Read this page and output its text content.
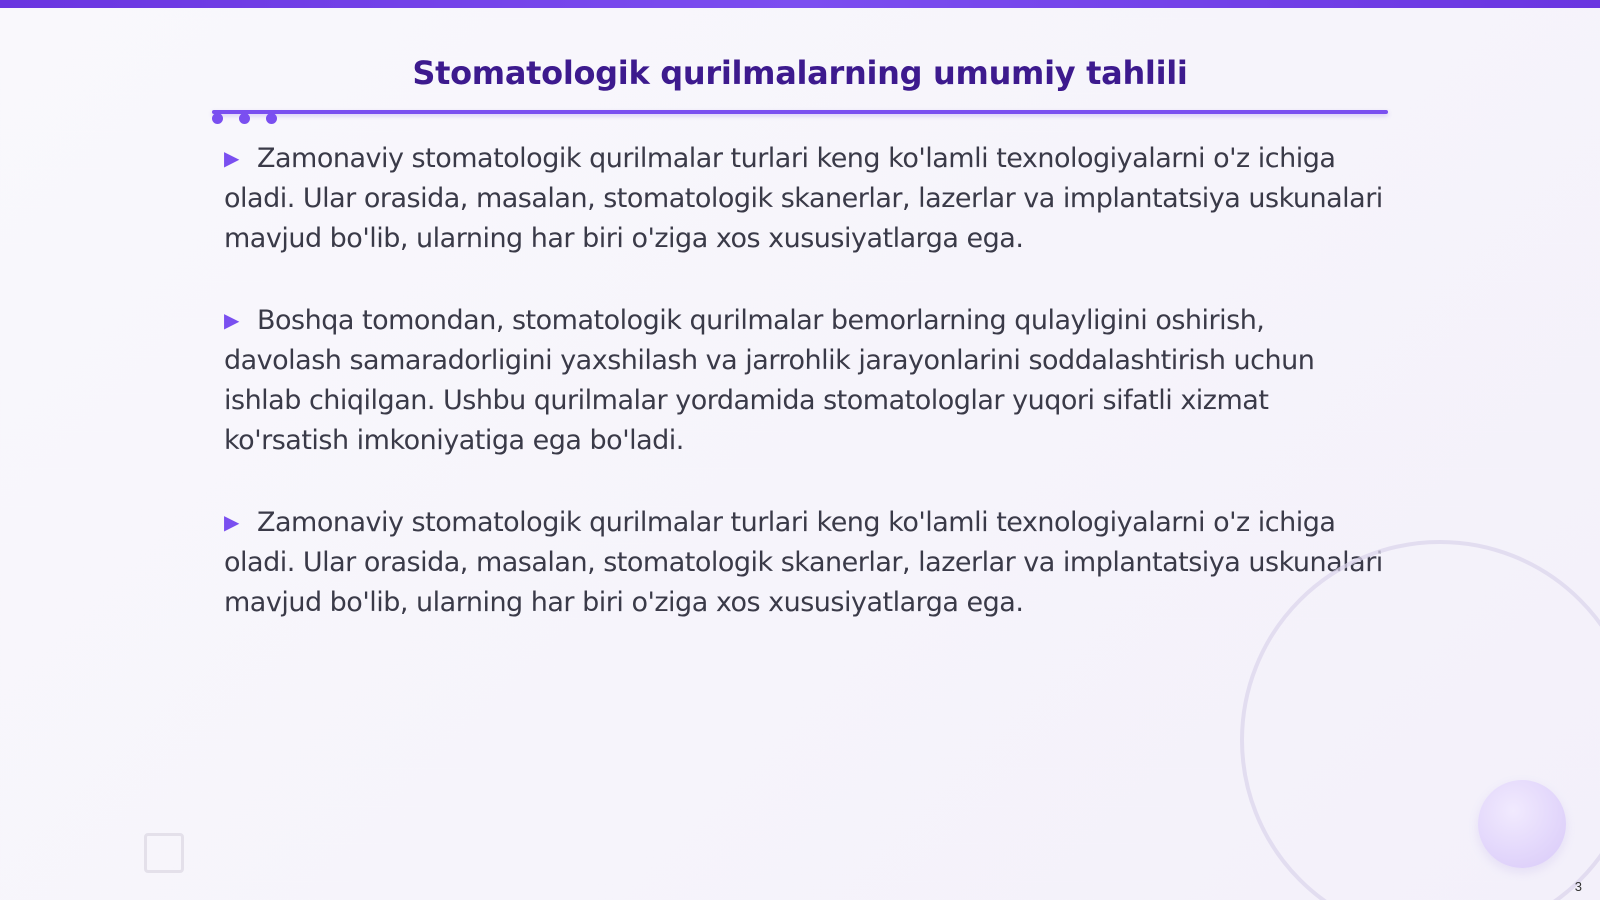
Stomatologik qurilmalarning umumiy tahlili

▶ Zamonaviy stomatologik qurilmalar turlari keng ko'lamli texnologiyalarni o'z ichiga oladi. Ular orasida, masalan, stomatologik skanerlar, lazerlar va implantatsiya uskunalari mavjud bo'lib, ularning har biri o'ziga xos xususiyatlarga ega.

▶ Boshqa tomondan, stomatologik qurilmalar bemorlarning qulayligini oshirish, davolash samaradorligini yaxshilash va jarrohlik jarayonlarini soddalashtirish uchun ishlab chiqilgan. Ushbu qurilmalar yordamida stomatologlar yuqori sifatli xizmat ko'rsatish imkoniyatiga ega bo'ladi.

▶ Zamonaviy stomatologik qurilmalar turlari keng ko'lamli texnologiyalarni o'z ichiga oladi. Ular orasida, masalan, stomatologik skanerlar, lazerlar va implantatsiya uskunalari mavjud bo'lib, ularning har biri o'ziga xos xususiyatlarga ega.

3
